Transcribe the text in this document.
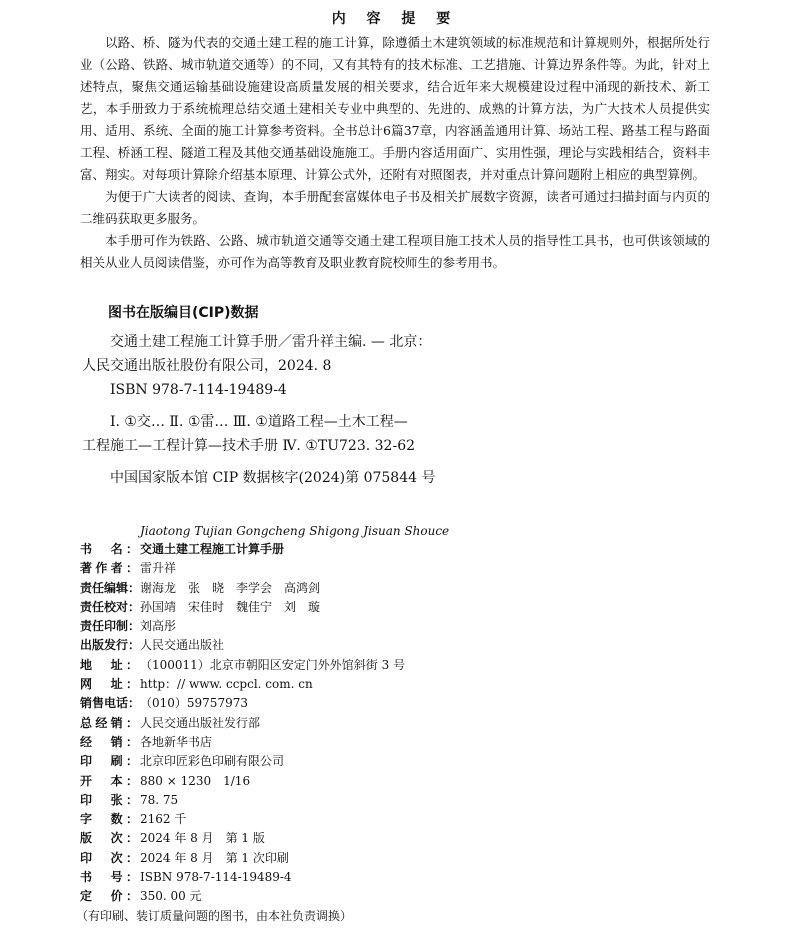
内 容 提 要

以路、桥、隧为代表的交通土建工程的施工计算，除遵循土木建筑领域的标准规范和计算规则外，根据所处行业（公路、铁路、城市轨道交通等）的不同，又有其特有的技术标准、工艺措施、计算边界条件等。为此，针对上述特点，聚焦交通运输基础设施建设高质量发展的相关要求，结合近年来大规模建设过程中涌现的新技术、新工艺，本手册致力于系统梳理总结交通土建相关专业中典型的、先进的、成熟的计算方法，为广大技术人员提供实用、适用、系统、全面的施工计算参考资料。全书总计6篇37章，内容涵盖通用计算、场站工程、路基工程与路面工程、桥涵工程、隧道工程及其他交通基础设施施工。手册内容适用面广、实用性强，理论与实践相结合，资料丰富、翔实。对每项计算除介绍基本原理、计算公式外，还附有对照图表，并对重点计算问题附上相应的典型算例。

为便于广大读者的阅读、查询，本手册配套富媒体电子书及相关扩展数字资源，读者可通过扫描封面与内页的二维码获取更多服务。

本手册可作为铁路、公路、城市轨道交通等交通土建工程项目施工技术人员的指导性工具书，也可供该领域的相关从业人员阅读借鉴，亦可作为高等教育及职业教育院校师生的参考用书。

图书在版编目(CIP)数据
交通土建工程施工计算手册／雷升祥主编. — 北京：
人民交通出版社股份有限公司，2024. 8
ISBN 978-7-114-19489-4
Ⅰ. ①交… Ⅱ. ①雷… Ⅲ. ①道路工程—土木工程—
工程施工—工程计算—技术手册 Ⅳ. ①TU723. 32-62
中国国家版本馆 CIP 数据核字(2024)第 075844 号
Jiaotong Tujian Gongcheng Shigong Jisuan Shouce
书　名： 交通土建工程施工计算手册
著作者： 雷升祥
责任编辑： 谢海龙　张　晓　李学会　高鸿剑
责任校对： 孙国靖　宋佳时　魏佳宁　刘　璇
责任印制： 刘高彤
出版发行： 人民交通出版社
地　址： （100011）北京市朝阳区安定门外外馆斜街 3 号
网　址： http：// www. ccpcl. com. cn
销售电话： （010）59757973
总经销： 人民交通出版社发行部
经　销： 各地新华书店
印　刷： 北京印匠彩色印刷有限公司
开　本： 880 × 1230　1/16
印　张： 78. 75
字　数： 2162 千
版　次： 2024 年 8 月　第 1 版
印　次： 2024 年 8 月　第 1 次印刷
书　号： ISBN 978-7-114-19489-4
定　价： 350. 00 元
（有印刷、装订质量问题的图书，由本社负责调换）
